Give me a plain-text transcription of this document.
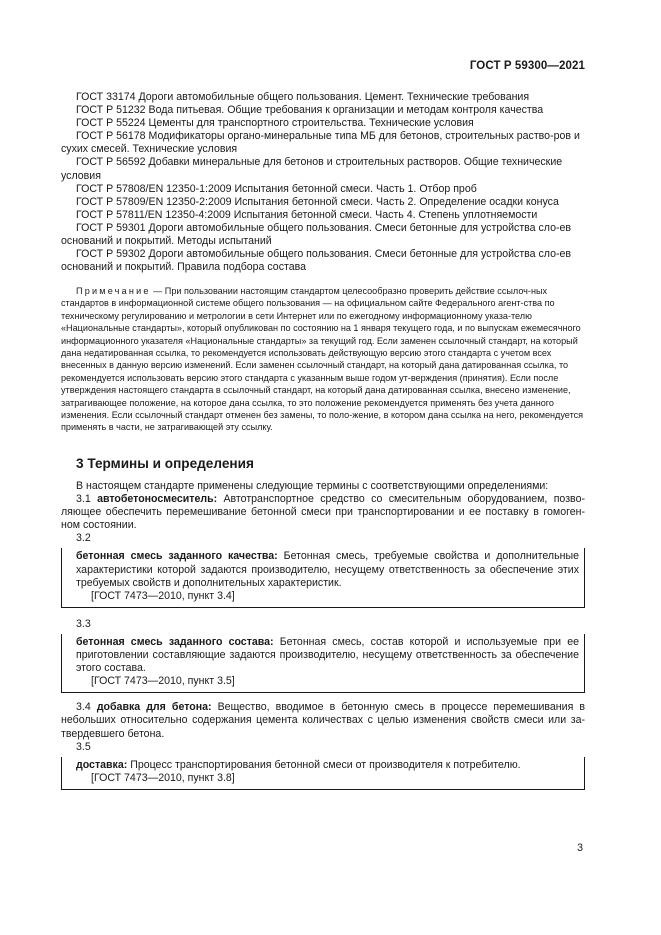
ГОСТ Р 59300—2021

ГОСТ 33174 Дороги автомобильные общего пользования. Цемент. Технические требования

ГОСТ Р 51232 Вода питьевая. Общие требования к организации и методам контроля качества

ГОСТ Р 55224 Цементы для транспортного строительства. Технические условия

ГОСТ Р 56178 Модификаторы органо-минеральные типа МБ для бетонов, строительных раство-ров и сухих смесей. Технические условия

ГОСТ Р 56592 Добавки минеральные для бетонов и строительных растворов. Общие технические условия

ГОСТ Р 57808/EN 12350-1:2009 Испытания бетонной смеси. Часть 1. Отбор проб

ГОСТ Р 57809/EN 12350-2:2009 Испытания бетонной смеси. Часть 2. Определение осадки конуса

ГОСТ Р 57811/EN 12350-4:2009 Испытания бетонной смеси. Часть 4. Степень уплотняемости

ГОСТ Р 59301 Дороги автомобильные общего пользования. Смеси бетонные для устройства сло-ев оснований и покрытий. Методы испытаний

ГОСТ Р 59302 Дороги автомобильные общего пользования. Смеси бетонные для устройства сло-ев оснований и покрытий. Правила подбора состава

Примечание — При пользовании настоящим стандартом целесообразно проверить действие ссылоч-ных стандартов в информационной системе общего пользования — на официальном сайте Федерального агент-ства по техническому регулированию и метрологии в сети Интернет или по ежегодному информационному указа-телю «Национальные стандарты», который опубликован по состоянию на 1 января текущего года, и по выпускам ежемесячного информационного указателя «Национальные стандарты» за текущий год. Если заменен ссылочный стандарт, на который дана недатированная ссылка, то рекомендуется использовать действующую версию этого стандарта с учетом всех внесенных в данную версию изменений. Если заменен ссылочный стандарт, на который дана датированная ссылка, то рекомендуется использовать версию этого стандарта с указанным выше годом ут-верждения (принятия). Если после утверждения настоящего стандарта в ссылочный стандарт, на который дана датированная ссылка, внесено изменение, затрагивающее положение, на которое дана ссылка, то это положение рекомендуется применять без учета данного изменения. Если ссылочный стандарт отменен без замены, то поло-жение, в котором дана ссылка на него, рекомендуется применять в части, не затрагивающей эту ссылку.

3 Термины и определения

В настоящем стандарте применены следующие термины с соответствующими определениями:

3.1 автобетоносмеситель: Автотранспортное средство со смесительным оборудованием, позво-ляющее обеспечить перемешивание бетонной смеси при транспортировании и ее поставку в гомоген-ном состоянии.

3.2

бетонная смесь заданного качества: Бетонная смесь, требуемые свойства и дополнительные характеристики которой задаются производителю, несущему ответственность за обеспечение этих требуемых свойств и дополнительных характеристик.

[ГОСТ 7473—2010, пункт 3.4]

3.3

бетонная смесь заданного состава: Бетонная смесь, состав которой и используемые при ее приготовлении составляющие задаются производителю, несущему ответственность за обеспечение этого состава.

[ГОСТ 7473—2010, пункт 3.5]

3.4 добавка для бетона: Вещество, вводимое в бетонную смесь в процессе перемешивания в небольших относительно содержания цемента количествах с целью изменения свойств смеси или за-твердевшего бетона.

3.5

доставка: Процесс транспортирования бетонной смеси от производителя к потребителю.

[ГОСТ 7473—2010, пункт 3.8]

3
